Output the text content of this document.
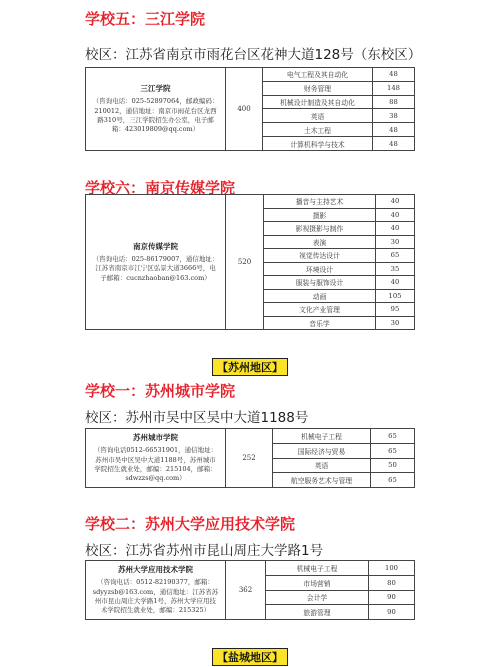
学校五：三江学院
校区：江苏省南京市雨花台区花神大道128号（东校区）
三江学院
（咨询电话：025-52897064，邮政编码：210012，通信地址：南京市雨花台区龙西路310号，三江学院招生办公室，电子邮箱：423019809@qq.com）
400
电气工程及其自动化	48
财务管理	148
机械设计制造及其自动化	88
英语	38
土木工程	48
计算机科学与技术	48
学校六：南京传媒学院
南京传媒学院
（咨询电话：025-86179007，通信地址：江苏省南京市江宁区弘景大道3666号，电子邮箱：cucnzhaoban@163.com）
520
播音与主持艺术	40
摄影	40
影视摄影与制作	40
表演	30
视觉传达设计	65
环境设计	35
服装与服饰设计	40
动画	105
文化产业管理	95
音乐学	30
【苏州地区】
学校一：苏州城市学院
校区：苏州市吴中区吴中大道1188号
苏州城市学院
（咨询电话0512-66531901，通信地址：苏州市吴中区吴中大道1188号，苏州城市学院招生就业处，邮编：215104，邮箱：sdwzzs@qq.com）
252
机械电子工程	65
国际经济与贸易	65
英语	50
航空服务艺术与管理	65
学校二：苏州大学应用技术学院
校区：江苏省苏州市昆山周庄大学路1号
苏州大学应用技术学院
（咨询电话：0512-82190377，邮箱：sdyyzsb@163.com，通信地址：江苏省苏州市昆山周庄大学路1号，苏州大学应用技术学院招生就业处，邮编：215325）
362
机械电子工程	100
市场营销	80
会计学	90
旅游管理	90
【盐城地区】
